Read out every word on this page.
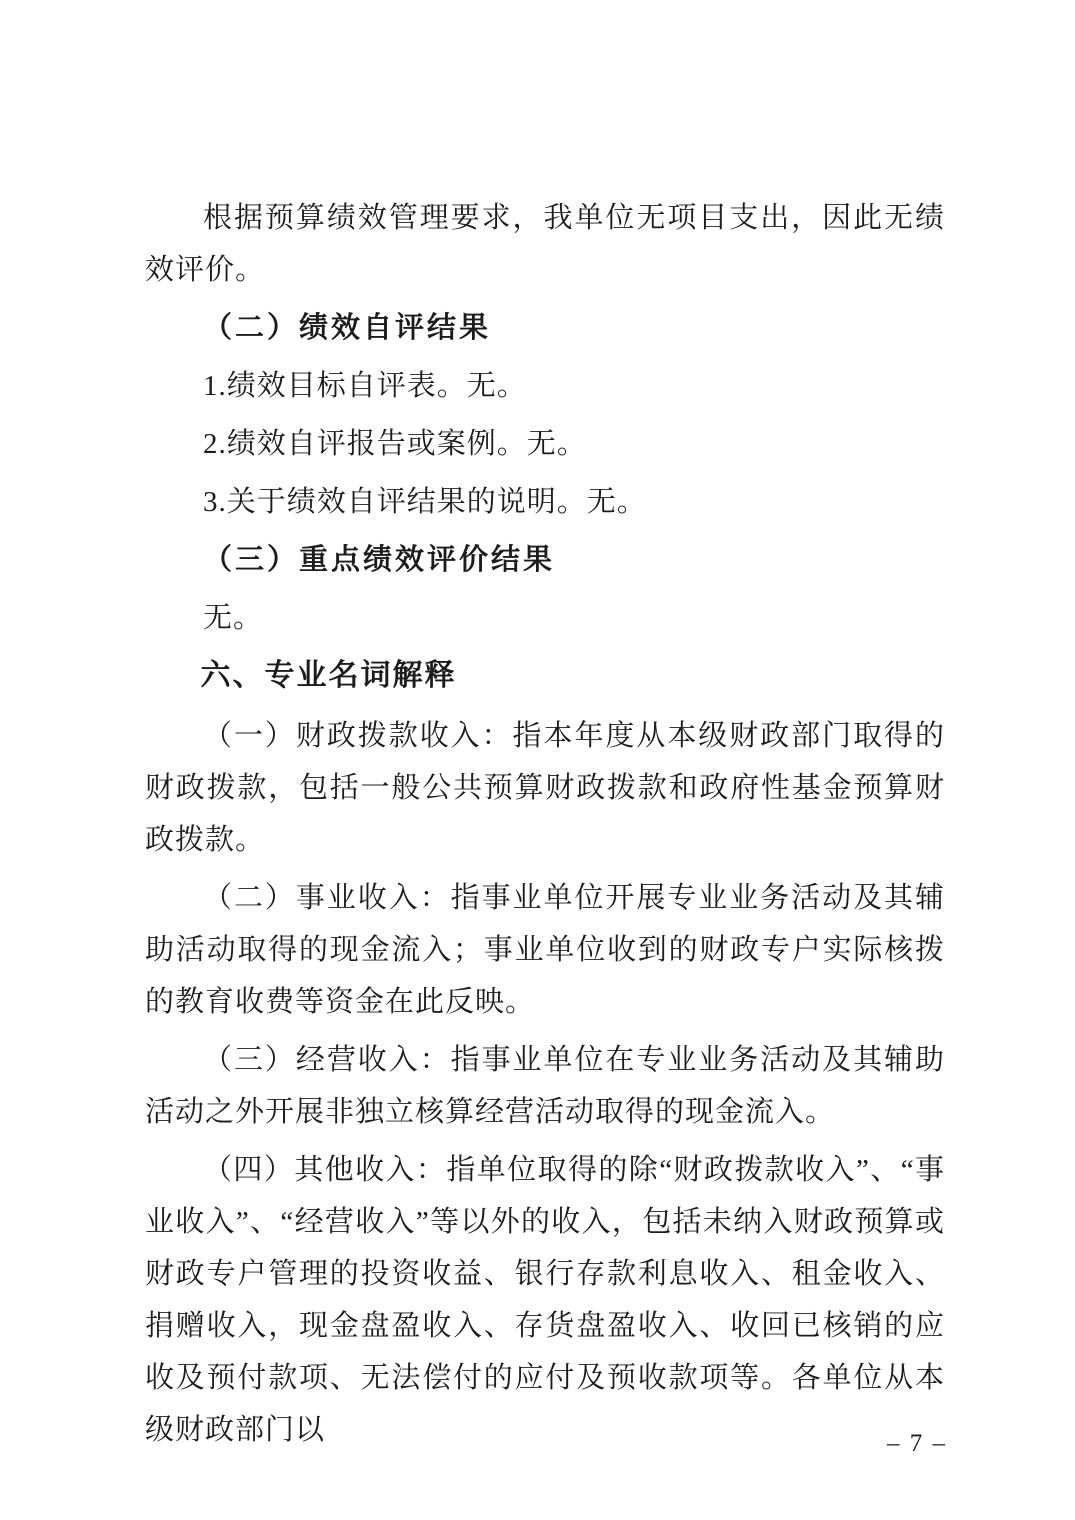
根据预算绩效管理要求，我单位无项目支出，因此无绩效评价。

（二）绩效自评结果

1.绩效目标自评表。无。

2.绩效自评报告或案例。无。

3.关于绩效自评结果的说明。无。

（三）重点绩效评价结果

无。

六、专业名词解释

（一）财政拨款收入：指本年度从本级财政部门取得的财政拨款，包括一般公共预算财政拨款和政府性基金预算财政拨款。

（二）事业收入：指事业单位开展专业业务活动及其辅助活动取得的现金流入；事业单位收到的财政专户实际核拨的教育收费等资金在此反映。

（三）经营收入：指事业单位在专业业务活动及其辅助活动之外开展非独立核算经营活动取得的现金流入。

（四）其他收入：指单位取得的除“财政拨款收入”、“事业收入”、“经营收入”等以外的收入，包括未纳入财政预算或财政专户管理的投资收益、银行存款利息收入、租金收入、捐赠收入，现金盘盈收入、存货盘盈收入、收回已核销的应收及预付款项、无法偿付的应付及预收款项等。各单位从本级财政部门以	– 7 –
